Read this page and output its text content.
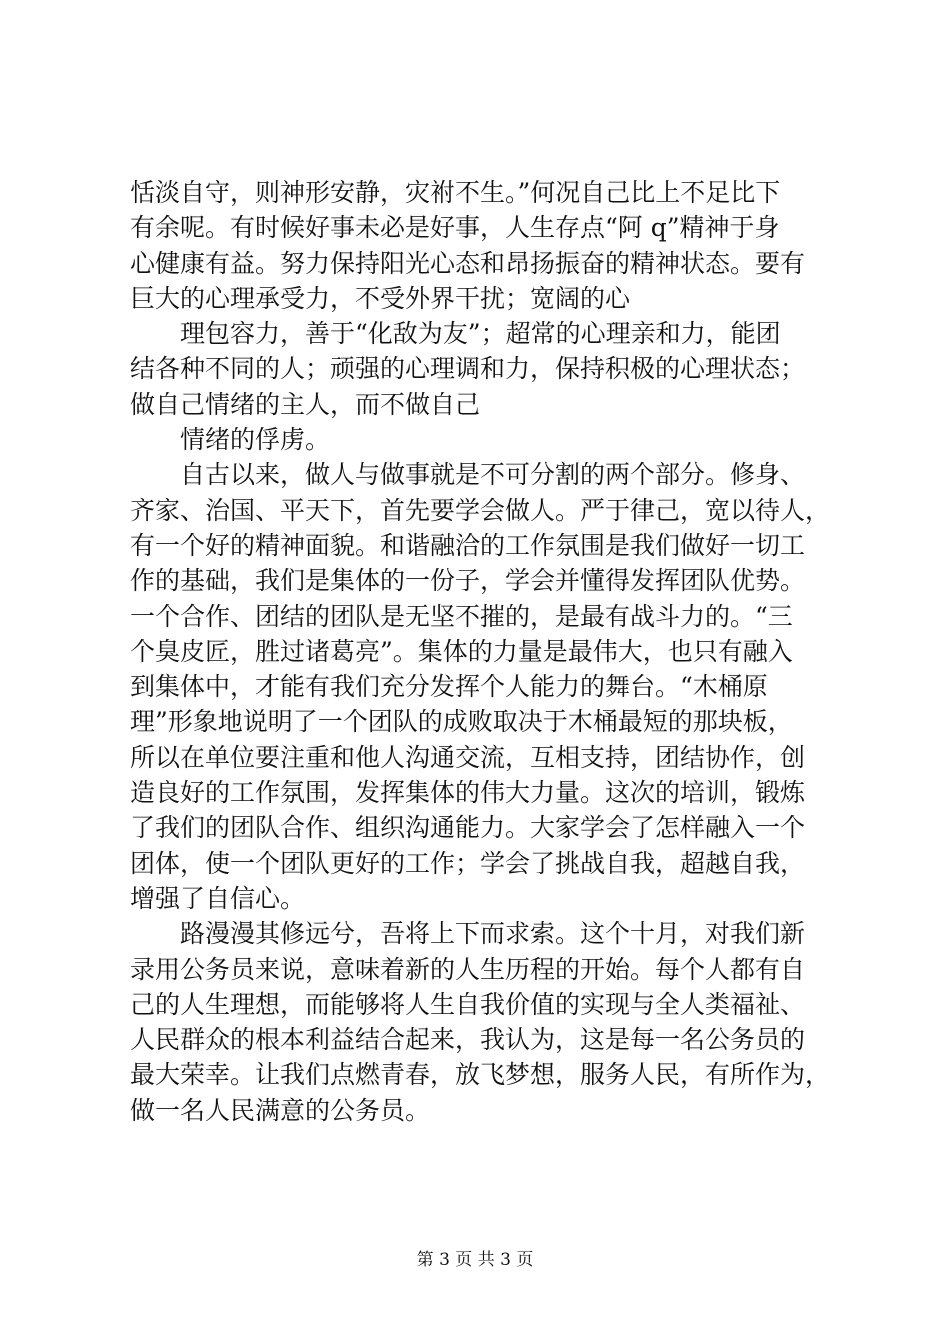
恬淡自守，则神形安静，灾祔不生。”何况自己比上不足比下
有余呢。有时候好事未必是好事，人生存点“阿 q”精神于身
心健康有益。努力保持阳光心态和昂扬振奋的精神状态。要有
巨大的心理承受力，不受外界干扰；宽阔的心

理包容力，善于“化敌为友”；超常的心理亲和力，能团
结各种不同的人；顽强的心理调和力，保持积极的心理状态；
做自己情绪的主人，而不做自己

情绪的俘虏。

自古以来，做人与做事就是不可分割的两个部分。修身、
齐家、治国、平天下，首先要学会做人。严于律己，宽以待人，
有一个好的精神面貌。和谐融洽的工作氛围是我们做好一切工
作的基础，我们是集体的一份子，学会并懂得发挥团队优势。
一个合作、团结的团队是无坚不摧的，是最有战斗力的。“三
个臭皮匠，胜过诸葛亮”。集体的力量是最伟大，也只有融入
到集体中，才能有我们充分发挥个人能力的舞台。“木桶原
理”形象地说明了一个团队的成败取决于木桶最短的那块板，
所以在单位要注重和他人沟通交流，互相支持，团结协作，创
造良好的工作氛围，发挥集体的伟大力量。这次的培训，锻炼
了我们的团队合作、组织沟通能力。大家学会了怎样融入一个
团体，使一个团队更好的工作；学会了挑战自我，超越自我，
增强了自信心。

路漫漫其修远兮，吾将上下而求索。这个十月，对我们新
录用公务员来说，意味着新的人生历程的开始。每个人都有自
己的人生理想，而能够将人生自我价值的实现与全人类福祉、
人民群众的根本利益结合起来，我认为，这是每一名公务员的
最大荣幸。让我们点燃青春，放飞梦想，服务人民，有所作为，
做一名人民满意的公务员。

第 3 页 共 3 页
